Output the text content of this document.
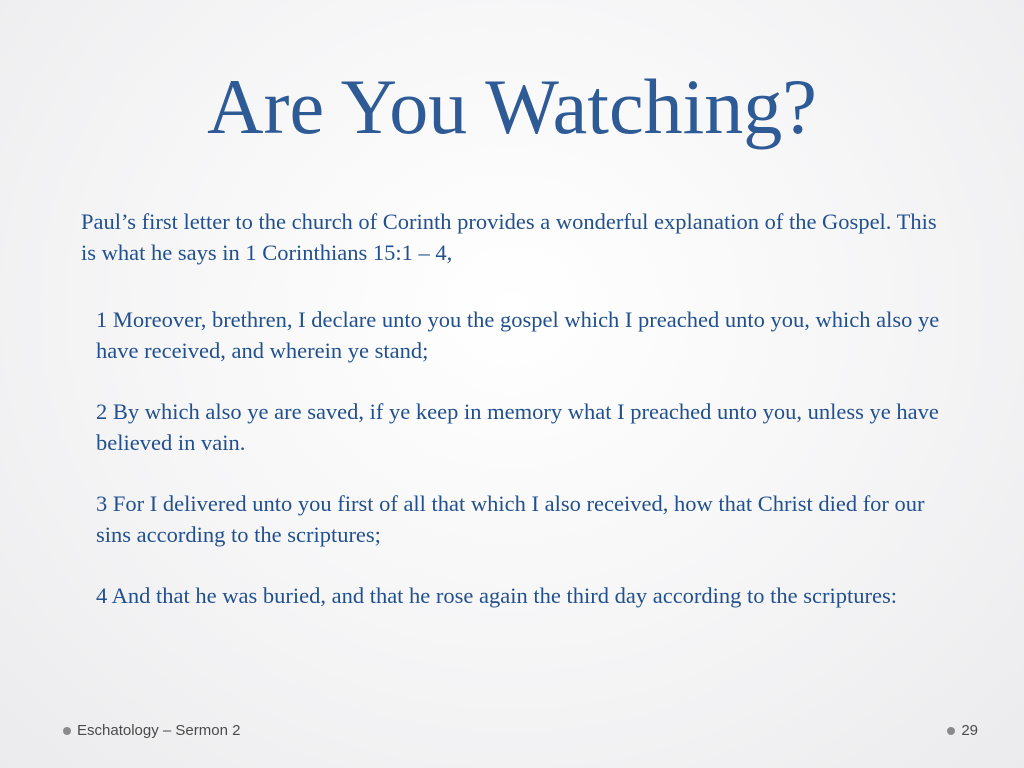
Are You Watching?
Paul’s first letter to the church of Corinth provides a wonderful explanation of the Gospel. This is what he says in 1 Corinthians 15:1 – 4,

1 Moreover, brethren, I declare unto you the gospel which I preached unto you, which also ye have received, and wherein ye stand;

2 By which also ye are saved, if ye keep in memory what I preached unto you, unless ye have believed in vain.

3 For I delivered unto you first of all that which I also received, how that Christ died for our sins according to the scriptures;

4 And that he was buried, and that he rose again the third day according to the scriptures:

Eschatology – Sermon 2	29
